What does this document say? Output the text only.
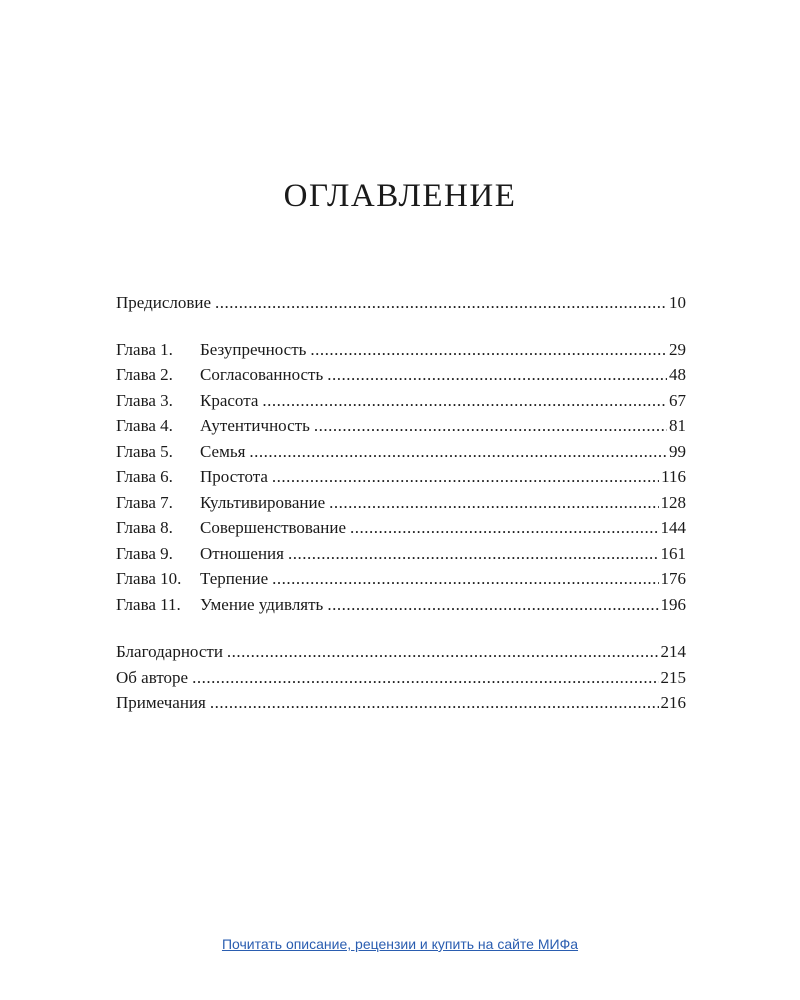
ОГЛАВЛЕНИЕ
Предисловие .....	10
Глава 1.	Безупречность .....	29
Глава 2.	Согласованность .....	48
Глава 3.	Красота .....	67
Глава 4.	Аутентичность .....	81
Глава 5.	Семья .....	99
Глава 6.	Простота .....	116
Глава 7.	Культивирование .....	128
Глава 8.	Совершенствование .....	144
Глава 9.	Отношения .....	161
Глава 10.	Терпение .....	176
Глава 11.	Умение удивлять .....	196
Благодарности .....	214
Об авторе .....	215
Примечания .....	216
Почитать описание, рецензии и купить на сайте МИФа
